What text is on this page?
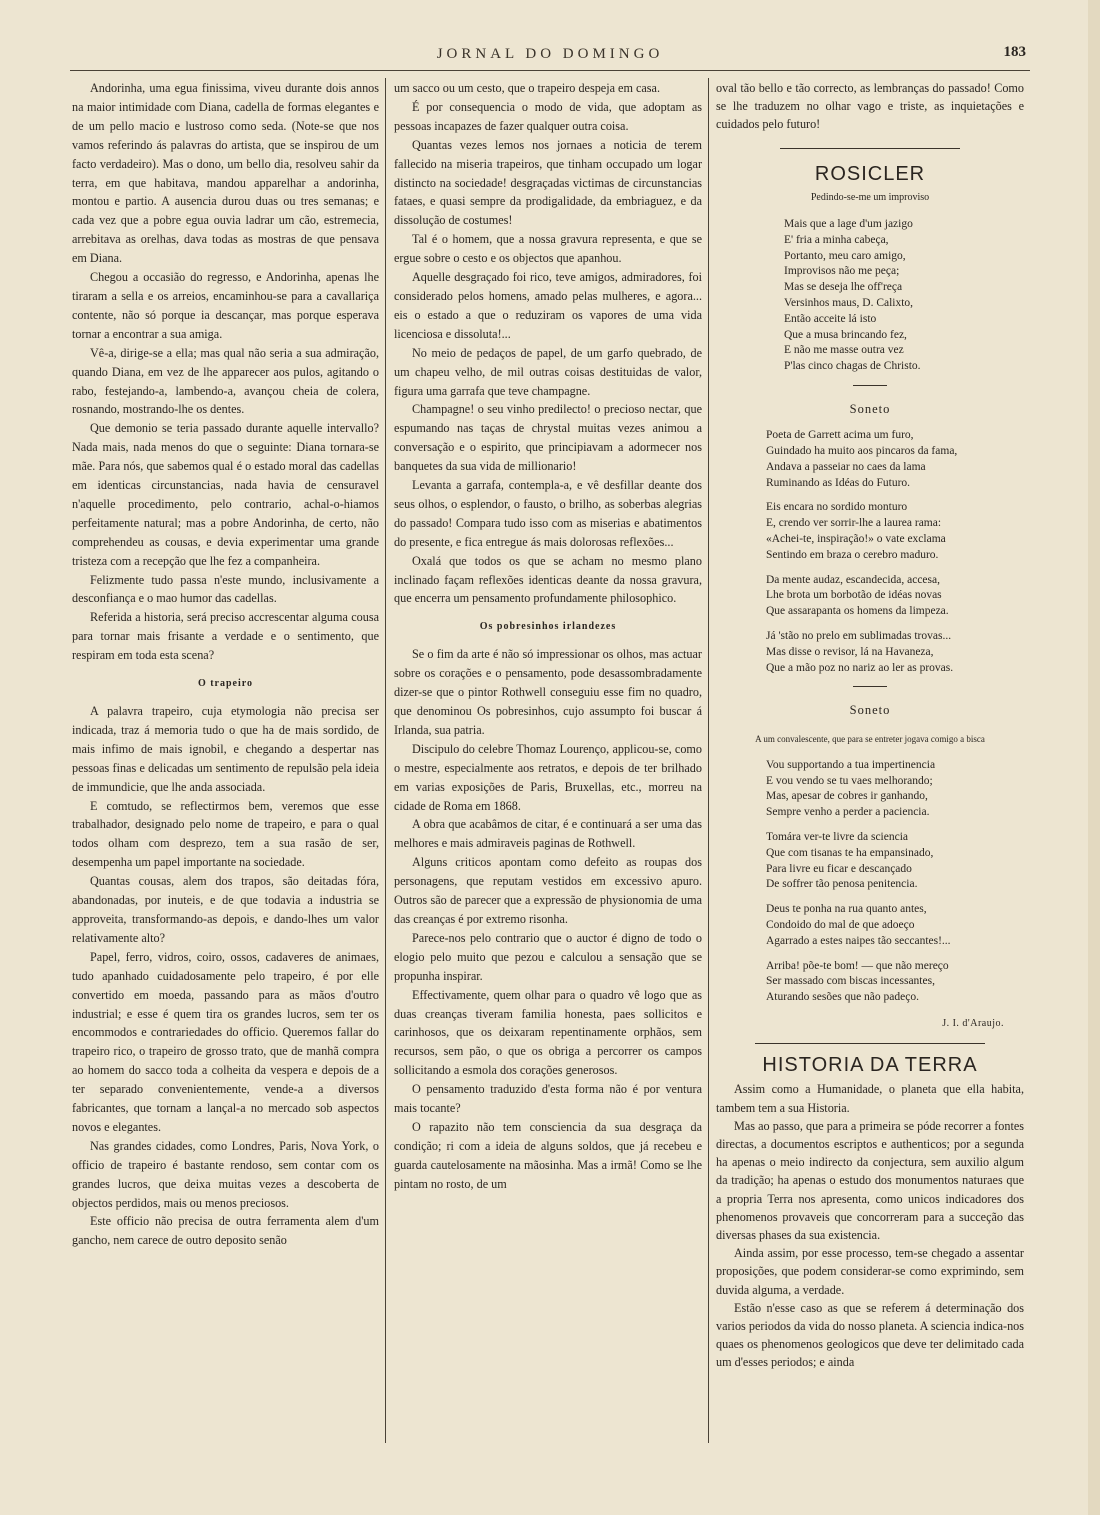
JORNAL DO DOMINGO	183

Andorinha, uma egua finissima, viveu durante dois annos na maior intimidade com Diana, cadella de formas elegantes e de um pello macio e lustroso como seda. (Note-se que nos vamos referindo ás palavras do artista, que se inspirou de um facto verdadeiro). Mas o dono, um bello dia, resolveu sahir da terra, em que habitava, mandou apparelhar a andorinha, montou e partio. A ausencia durou duas ou tres semanas; e cada vez que a pobre egua ouvia ladrar um cão, estremecia, arrebitava as orelhas, dava todas as mostras de que pensava em Diana.

Chegou a occasião do regresso, e Andorinha, apenas lhe tiraram a sella e os arreios, encaminhou-se para a cavallariça contente, não só porque ia descançar, mas porque esperava tornar a encontrar a sua amiga.

Vê-a, dirige-se a ella; mas qual não seria a sua admiração, quando Diana, em vez de lhe apparecer aos pulos, agitando o rabo, festejando-a, lambendo-a, avançou cheia de colera, rosnando, mostrando-lhe os dentes.

Que demonio se teria passado durante aquelle intervallo? Nada mais, nada menos do que o seguinte: Diana tornara-se mãe. Para nós, que sabemos qual é o estado moral das cadellas em identicas circunstancias, nada havia de censuravel n'aquelle procedimento, pelo contrario, achal-o-hiamos perfeitamente natural; mas a pobre Andorinha, de certo, não comprehendeu as cousas, e devia experimentar uma grande tristeza com a recepção que lhe fez a companheira.

Felizmente tudo passa n'este mundo, inclusivamente a desconfiança e o mao humor das cadellas.

Referida a historia, será preciso accrescentar alguma cousa para tornar mais frisante a verdade e o sentimento, que respiram em toda esta scena?

O trapeiro

A palavra trapeiro, cuja etymologia não precisa ser indicada, traz á memoria tudo o que ha de mais sordido, de mais infimo de mais ignobil, e chegando a despertar nas pessoas finas e delicadas um sentimento de repulsão pela ideia de immundicie, que lhe anda associada.

E comtudo, se reflectirmos bem, veremos que esse trabalhador, designado pelo nome de trapeiro, e para o qual todos olham com desprezo, tem a sua rasão de ser, desempenha um papel importante na sociedade.

Quantas cousas, alem dos trapos, são deitadas fóra, abandonadas, por inuteis, e de que todavia a industria se approveita, transformando-as depois, e dando-lhes um valor relativamente alto?

Papel, ferro, vidros, coiro, ossos, cadaveres de animaes, tudo apanhado cuidadosamente pelo trapeiro, é por elle convertido em moeda, passando para as mãos d'outro industrial; e esse é quem tira os grandes lucros, sem ter os encommodos e contrariedades do officio. Queremos fallar do trapeiro rico, o trapeiro de grosso trato, que de manhã compra ao homem do sacco toda a colheita da vespera e depois de a ter separado convenientemente, vende-a a diversos fabricantes, que tornam a lançal-a no mercado sob aspectos novos e elegantes.

Nas grandes cidades, como Londres, Paris, Nova York, o officio de trapeiro é bastante rendoso, sem contar com os grandes lucros, que deixa muitas vezes a descoberta de objectos perdidos, mais ou menos preciosos.

Este officio não precisa de outra ferramenta alem d'um gancho, nem carece de outro deposito senão

um sacco ou um cesto, que o trapeiro despeja em casa.

É por consequencia o modo de vida, que adoptam as pessoas incapazes de fazer qualquer outra coisa.

Quantas vezes lemos nos jornaes a noticia de terem fallecido na miseria trapeiros, que tinham occupado um logar distincto na sociedade! desgraçadas victimas de circunstancias fataes, e quasi sempre da prodigalidade, da embriaguez, e da dissolução de costumes!

Tal é o homem, que a nossa gravura representa, e que se ergue sobre o cesto e os objectos que apanhou.

Aquelle desgraçado foi rico, teve amigos, admiradores, foi considerado pelos homens, amado pelas mulheres, e agora... eis o estado a que o reduziram os vapores de uma vida licenciosa e dissoluta!...

No meio de pedaços de papel, de um garfo quebrado, de um chapeu velho, de mil outras coisas destituidas de valor, figura uma garrafa que teve champagne.

Champagne! o seu vinho predilecto! o precioso nectar, que espumando nas taças de chrystal muitas vezes animou a conversação e o espirito, que principiavam a adormecer nos banquetes da sua vida de millionario!

Levanta a garrafa, contempla-a, e vê desfillar deante dos seus olhos, o esplendor, o fausto, o brilho, as soberbas alegrias do passado! Compara tudo isso com as miserias e abatimentos do presente, e fica entregue ás mais dolorosas reflexões...

Oxalá que todos os que se acham no mesmo plano inclinado façam reflexões identicas deante da nossa gravura, que encerra um pensamento profundamente philosophico.

Os pobresinhos irlandezes

Se o fim da arte é não só impressionar os olhos, mas actuar sobre os corações e o pensamento, pode desassombradamente dizer-se que o pintor Rothwell conseguiu esse fim no quadro, que denominou Os pobresinhos, cujo assumpto foi buscar á Irlanda, sua patria.

Discipulo do celebre Thomaz Lourenço, applicou-se, como o mestre, especialmente aos retratos, e depois de ter brilhado em varias exposições de Paris, Bruxellas, etc., morreu na cidade de Roma em 1868.

A obra que acabâmos de citar, é e continuará a ser uma das melhores e mais admiraveis paginas de Rothwell.

Alguns criticos apontam como defeito as roupas dos personagens, que reputam vestidos em excessivo apuro. Outros são de parecer que a expressão de physionomia de uma das creanças é por extremo risonha.

Parece-nos pelo contrario que o auctor é digno de todo o elogio pelo muito que pezou e calculou a sensação que se propunha inspirar.

Effectivamente, quem olhar para o quadro vê logo que as duas creanças tiveram familia honesta, paes sollicitos e carinhosos, que os deixaram repentinamente orphãos, sem recursos, sem pão, o que os obriga a percorrer os campos sollicitando a esmola dos corações generosos.

O pensamento traduzido d'esta forma não é por ventura mais tocante?

O rapazito não tem consciencia da sua desgraça da condição; ri com a ideia de alguns soldos, que já recebeu e guarda cautelosamente na mãosinha. Mas a irmã! Como se lhe pintam no rosto, de um

oval tão bello e tão correcto, as lembranças do passado! Como se lhe traduzem no olhar vago e triste, as inquietações e cuidados pelo futuro!

ROSICLER
Pedindo-se-me um improviso
Mais que a lage d'um jazigo
E' fria a minha cabeça,
Portanto, meu caro amigo,
Improvisos não me peça;
Mas se deseja lhe off'reça
Versinhos maus, D. Calixto,
Então acceite lá isto
Que a musa brincando fez,
E não me masse outra vez
P'las cinco chagas de Christo.
Soneto
Poeta de Garrett acima um furo,
Guindado ha muito aos pincaros da fama,
Andava a passeiar no caes da lama
Ruminando as Idéas do Futuro.
Eis encara no sordido monturo
E, crendo ver sorrir-lhe a laurea rama:
«Achei-te, inspiração!» o vate exclama
Sentindo em braza o cerebro maduro.
Da mente audaz, escandecida, accesa,
Lhe brota um borbotão de idéas novas
Que assarapanta os homens da limpeza.
Já 'stão no prelo em sublimadas trovas...
Mas disse o revisor, lá na Havaneza,
Que a mão poz no nariz ao ler as provas.
Soneto
A um convalescente, que para se entreter jogava comigo a bisca
Vou supportando a tua impertinencia
E vou vendo se tu vaes melhorando;
Mas, apesar de cobres ir ganhando,
Sempre venho a perder a paciencia.
Tomára ver-te livre da sciencia
Que com tisanas te ha empansinado,
Para livre eu ficar e descançado
De soffrer tão penosa penitencia.
Deus te ponha na rua quanto antes,
Condoido do mal de que adoeço
Agarrado a estes naipes tão seccantes!...
Arriba! põe-te bom! — que não mereço
Ser massado com biscas incessantes,
Aturando sesões que não padeço.
J. I. d'Araujo.
HISTORIA DA TERRA

Assim como a Humanidade, o planeta que ella habita, tambem tem a sua Historia.

Mas ao passo, que para a primeira se póde recorrer a fontes directas, a documentos escriptos e authenticos; por a segunda ha apenas o meio indirecto da conjectura, sem auxilio algum da tradição; ha apenas o estudo dos monumentos naturaes que a propria Terra nos apresenta, como unicos indicadores dos phenomenos provaveis que concorreram para a succeção das diversas phases da sua existencia.

Ainda assim, por esse processo, tem-se chegado a assentar proposições, que podem considerar-se como exprimindo, sem duvida alguma, a verdade.

Estão n'esse caso as que se referem á determinação dos varios periodos da vida do nosso planeta. A sciencia indica-nos quaes os phenomenos geologicos que deve ter delimitado cada um d'esses periodos; e ainda
